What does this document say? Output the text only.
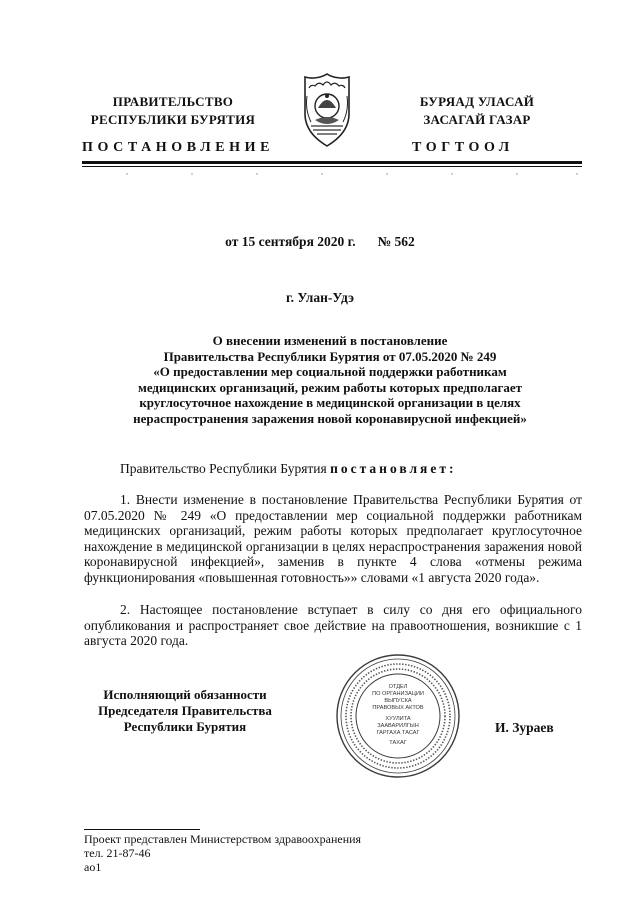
ПРАВИТЕЛЬСТВО
РЕСПУБЛИКИ БУРЯТИЯ
БУРЯАД УЛАСАЙ
ЗАСАГАЙ ГАЗАР
ПОСТАНОВЛЕНИЕ	ТОГТООЛ
от 15 сентября 2020 г. № 562
г. Улан-Удэ
О внесении изменений в постановление
Правительства Республики Бурятия от 07.05.2020 № 249
«О предоставлении мер социальной поддержки работникам
медицинских организаций, режим работы которых предполагает
круглосуточное нахождение в медицинской организации в целях
нераспространения заражения новой коронавирусной инфекцией»
Правительство Республики Бурятия постановляет:
1. Внести изменение в постановление Правительства Республики Бурятия от 07.05.2020 № 249 «О предоставлении мер социальной поддержки работникам медицинских организаций, режим работы которых предполагает круглосуточное нахождение в медицинской организации в целях нераспространения заражения новой коронавирусной инфекцией», заменив в пункте 4 слова «отмены режима функционирования «повышенная готовность»» словами «1 августа 2020 года».
2. Настоящее постановление вступает в силу со дня его официального опубликования и распространяет свое действие на правоотношения, возникшие с 1 августа 2020 года.
Исполняющий обязанности
Председателя Правительства
Республики Бурятия
ОТДЕЛ
ПО ОРГАНИЗАЦИИ
ВЫПУСКА
ПРАВОВЫХ АКТОВ
ХУУЛИТА
ЗААВАРИЛГЫН
ГАРГАХА ТАСАГ
ТАХАГ
И. Зураев
Проект представлен Министерством здравоохранения
тел. 21-87-46
ао1
